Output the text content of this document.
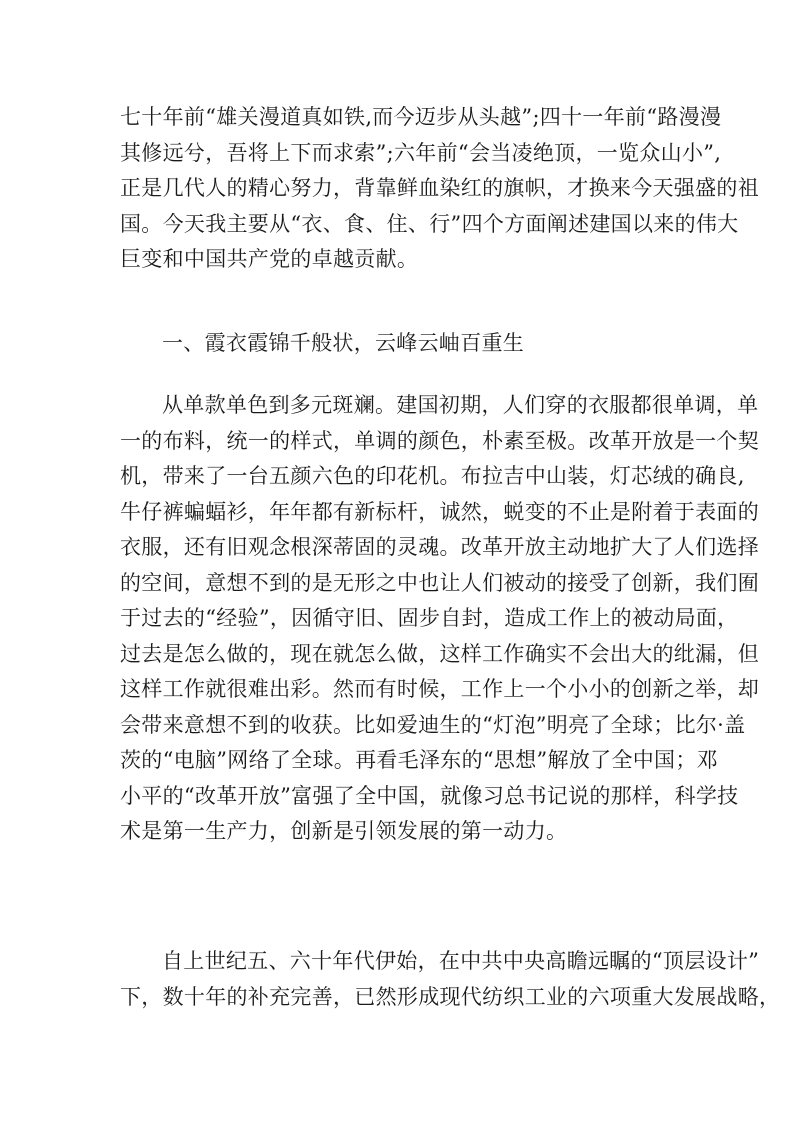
七十年前“雄关漫道真如铁,而今迈步从头越”;四十一年前“路漫漫
其修远兮，吾将上下而求索”;六年前“会当凌绝顶，一览众山小”,
正是几代人的精心努力，背靠鲜血染红的旗帜，才换来今天强盛的祖
国。今天我主要从“衣、食、住、行”四个方面阐述建国以来的伟大
巨变和中国共产党的卓越贡献。

一、霞衣霞锦千般状，云峰云岫百重生

从单款单色到多元斑斓。建国初期，人们穿的衣服都很单调，单
一的布料，统一的样式，单调的颜色，朴素至极。改革开放是一个契
机，带来了一台五颜六色的印花机。布拉吉中山装，灯芯绒的确良,
牛仔裤蝙蝠衫，年年都有新标杆，诚然，蜕变的不止是附着于表面的
衣服，还有旧观念根深蒂固的灵魂。改革开放主动地扩大了人们选择
的空间，意想不到的是无形之中也让人们被动的接受了创新，我们囿
于过去的“经验”，因循守旧、固步自封，造成工作上的被动局面，
过去是怎么做的，现在就怎么做，这样工作确实不会出大的纰漏，但
这样工作就很难出彩。然而有时候，工作上一个小小的创新之举，却
会带来意想不到的收获。比如爱迪生的“灯泡”明亮了全球；比尔·盖
茨的“电脑”网络了全球。再看毛泽东的“思想”解放了全中国；邓
小平的“改革开放”富强了全中国，就像习总书记说的那样，科学技
术是第一生产力，创新是引领发展的第一动力。

自上世纪五、六十年代伊始，在中共中央高瞻远瞩的“顶层设计”
下，数十年的补充完善，已然形成现代纺织工业的六项重大发展战略，
